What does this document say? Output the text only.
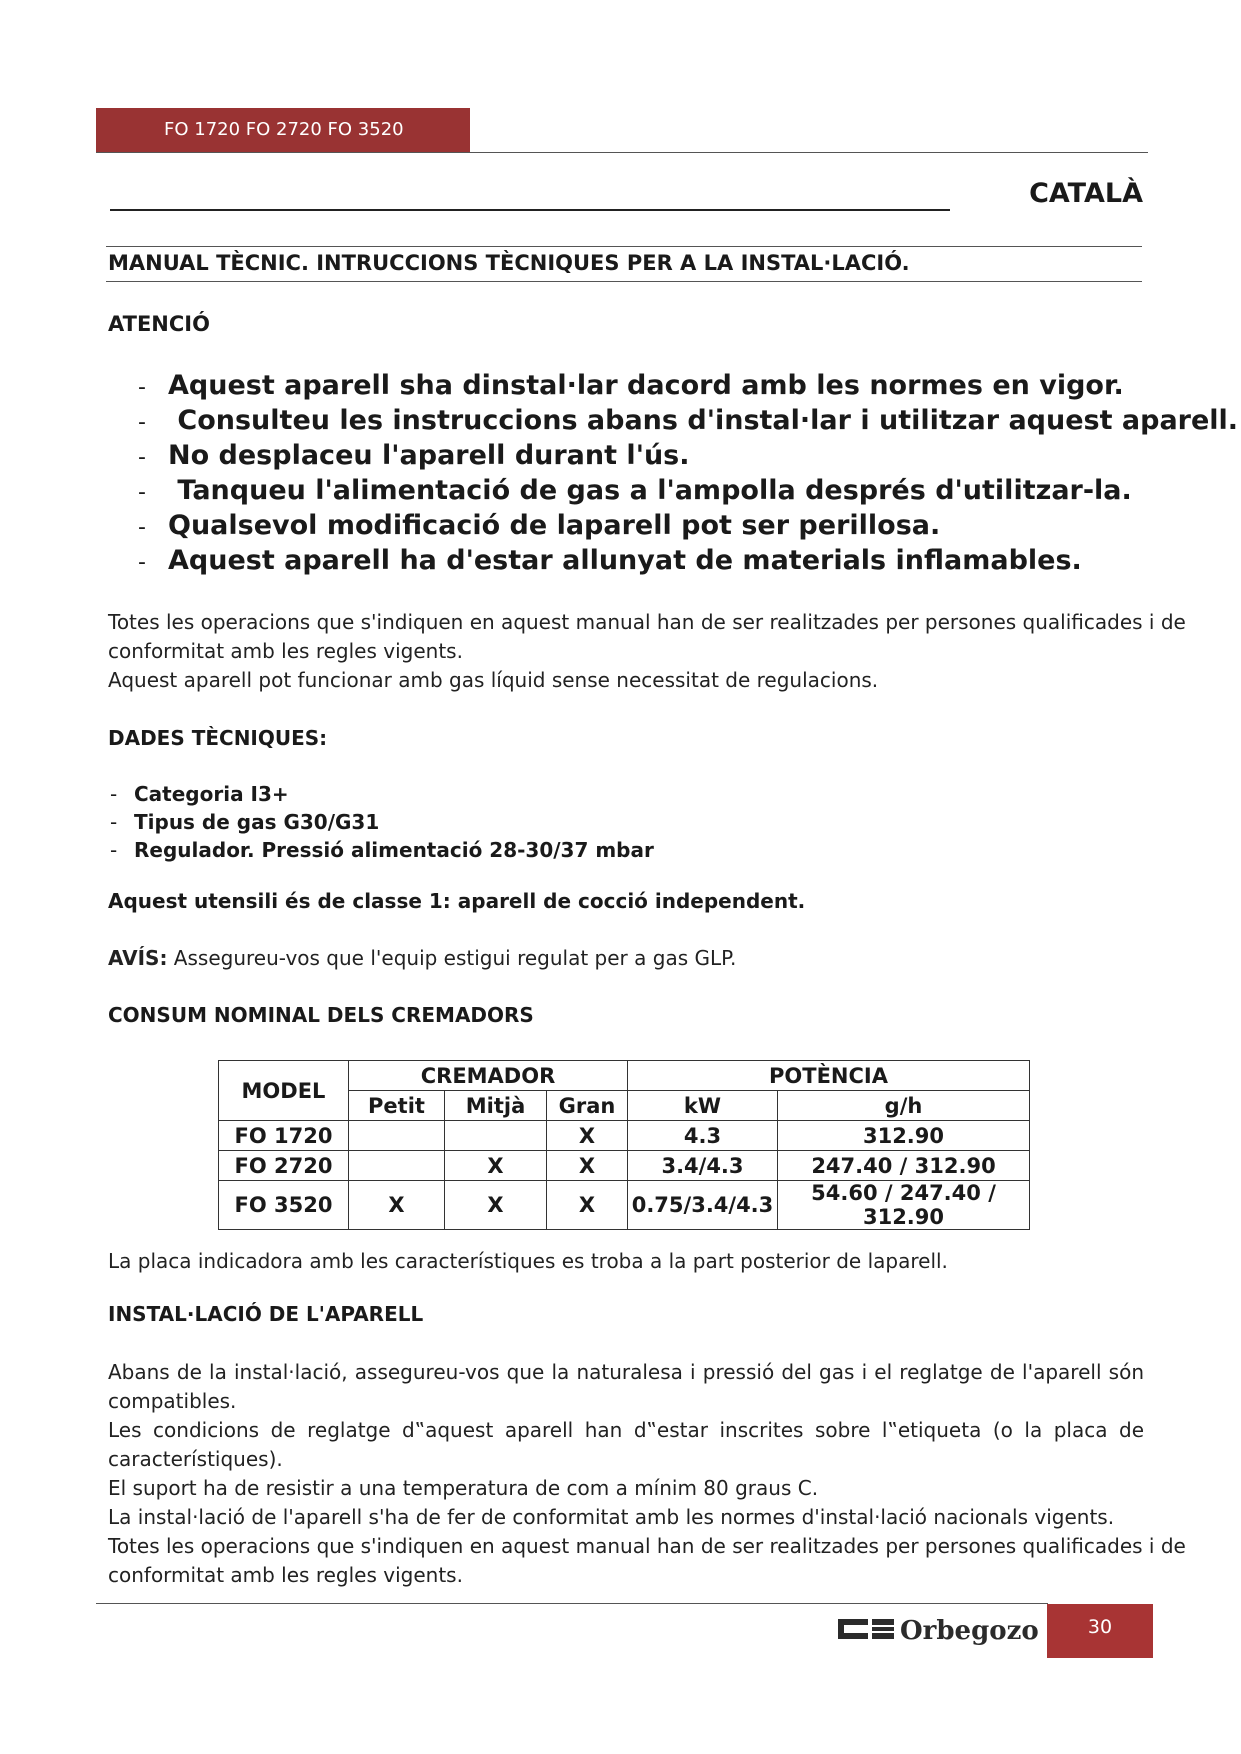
FO 1720 FO 2720 FO 3520
CATALÀ
MANUAL TÈCNIC. INTRUCCIONS TÈCNIQUES PER A LA INSTAL·LACIÓ.
ATENCIÓ
- Aquest aparell sha dinstal·lar dacord amb les normes en vigor.
- Consulteu les instruccions abans d'instal·lar i utilitzar aquest aparell.
- No desplaceu l'aparell durant l'ús.
- Tanqueu l'alimentació de gas a l'ampolla després d'utilitzar-la.
- Qualsevol modificació de laparell pot ser perillosa.
- Aquest aparell ha d'estar allunyat de materials inflamables.
Totes les operacions que s'indiquen en aquest manual han de ser realitzades per persones qualificades i de
conformitat amb les regles vigents.
Aquest aparell pot funcionar amb gas líquid sense necessitat de regulacions.
DADES TÈCNIQUES:
- Categoria I3+
- Tipus de gas G30/G31
- Regulador. Pressió alimentació 28-30/37 mbar
Aquest utensili és de classe 1: aparell de cocció independent.
AVÍS: Assegureu-vos que l'equip estigui regulat per a gas GLP.
CONSUM NOMINAL DELS CREMADORS
MODEL	CREMADOR			POTÈNCIA	
	Petit	Mitjà	Gran	kW	g/h
FO 1720			X	4.3	312.90
FO 2720		X	X	3.4/4.3	247.40 / 312.90
FO 3520	X	X	X	0.75/3.4/4.3	54.60 / 247.40 / 312.90
La placa indicadora amb les característiques es troba a la part posterior de laparell.
INSTAL·LACIÓ DE L'APARELL
Abans de la instal·lació, assegureu-vos que la naturalesa i pressió del gas i el reglatge de l'aparell són compatibles.
Les condicions de reglatge d‟aquest aparell han d‟estar inscrites sobre l‟etiqueta (o la placa de característiques).
El suport ha de resistir a una temperatura de com a mínim 80 graus C.
La instal·lació de l'aparell s'ha de fer de conformitat amb les normes d'instal·lació nacionals vigents.
Totes les operacions que s'indiquen en aquest manual han de ser realitzades per persones qualificades i de
conformitat amb les regles vigents.
Orbegozo	30
